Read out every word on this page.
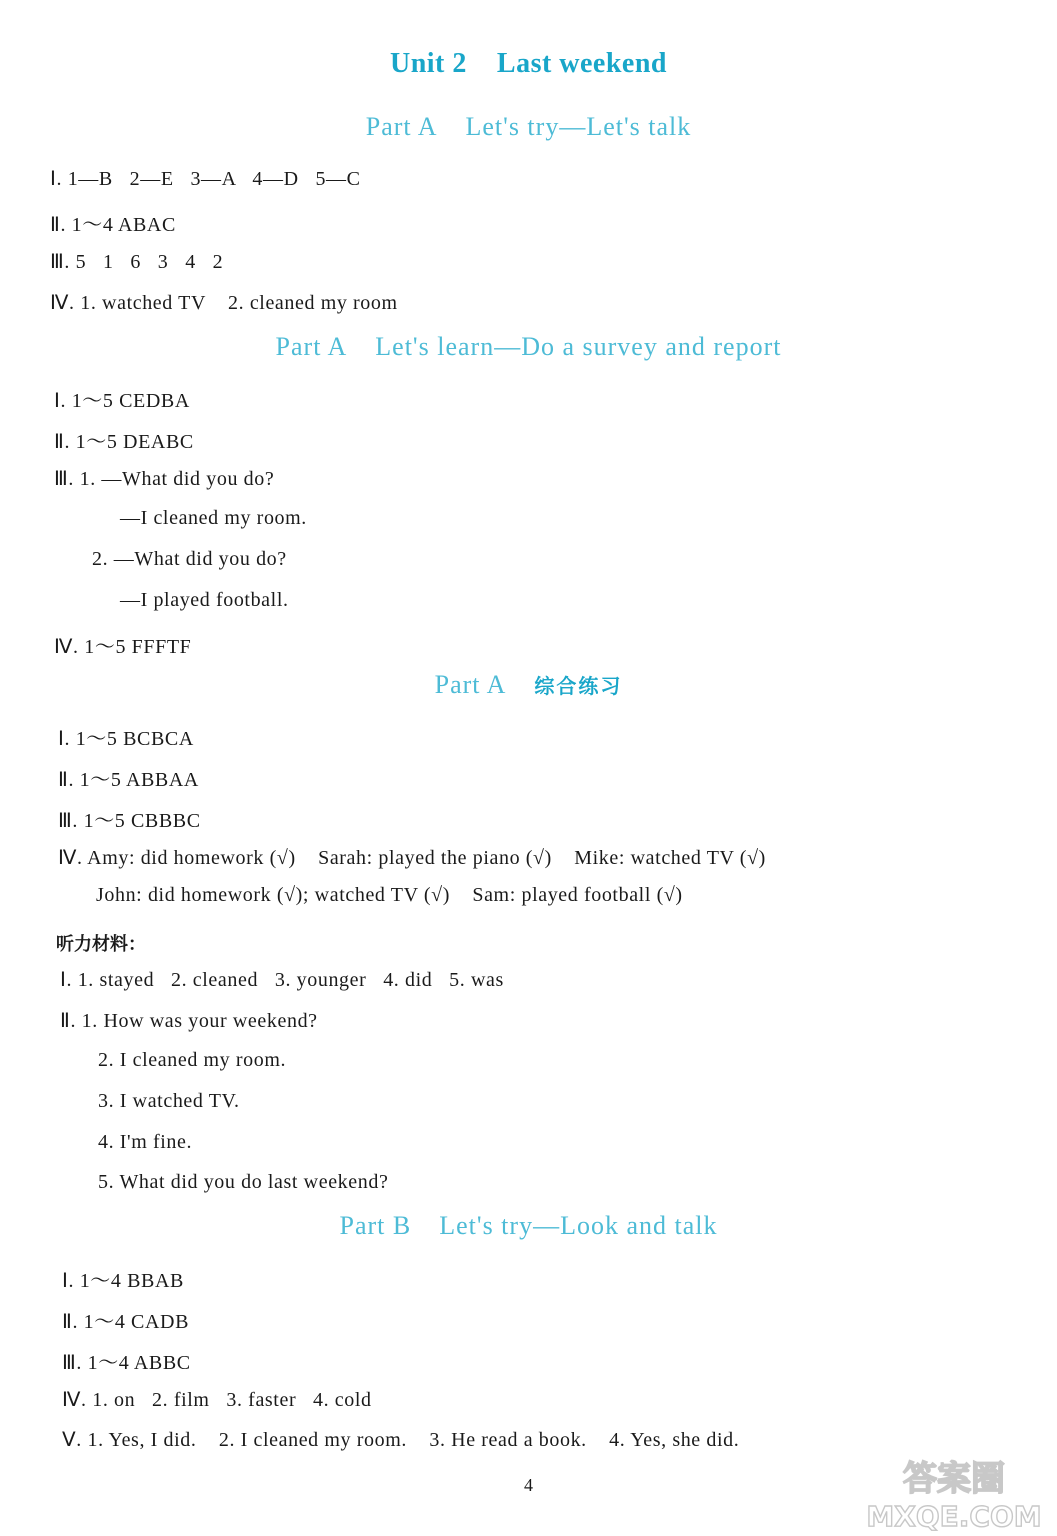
Unit 2 Last weekend
Part A Let's try—Let's talk
Ⅰ. 1—B   2—E   3—A   4—D   5—C
Ⅱ. 1～4 ABAC
Ⅲ. 5   1   6   3   4   2
Ⅳ. 1. watched TV    2. cleaned my room
Part A Let's learn—Do a survey and report
Ⅰ. 1～5 CEDBA
Ⅱ. 1～5 DEABC
Ⅲ. 1. —What did you do?
—I cleaned my room.
2. —What did you do?
—I played football.
Ⅳ. 1～5 FFFTF
Part A 综合练习
Ⅰ. 1～5 BCBCA
Ⅱ. 1～5 ABBAA
Ⅲ. 1～5 CBBBC
Ⅳ. Amy: did homework (√)    Sarah: played the piano (√)    Mike: watched TV (√)
John: did homework (√); watched TV (√)    Sam: played football (√)
听力材料：
Ⅰ. 1. stayed   2. cleaned   3. younger   4. did   5. was
Ⅱ. 1. How was your weekend?
2. I cleaned my room.
3. I watched TV.
4. I'm fine.
5. What did you do last weekend?
Part B Let's try—Look and talk
Ⅰ. 1～4 BBAB
Ⅱ. 1～4 CADB
Ⅲ. 1～4 ABBC
Ⅳ. 1. on   2. film   3. faster   4. cold
Ⅴ. 1. Yes, I did.    2. I cleaned my room.    3. He read a book.    4. Yes, she did.
4	答案圈
MXQE.COM
